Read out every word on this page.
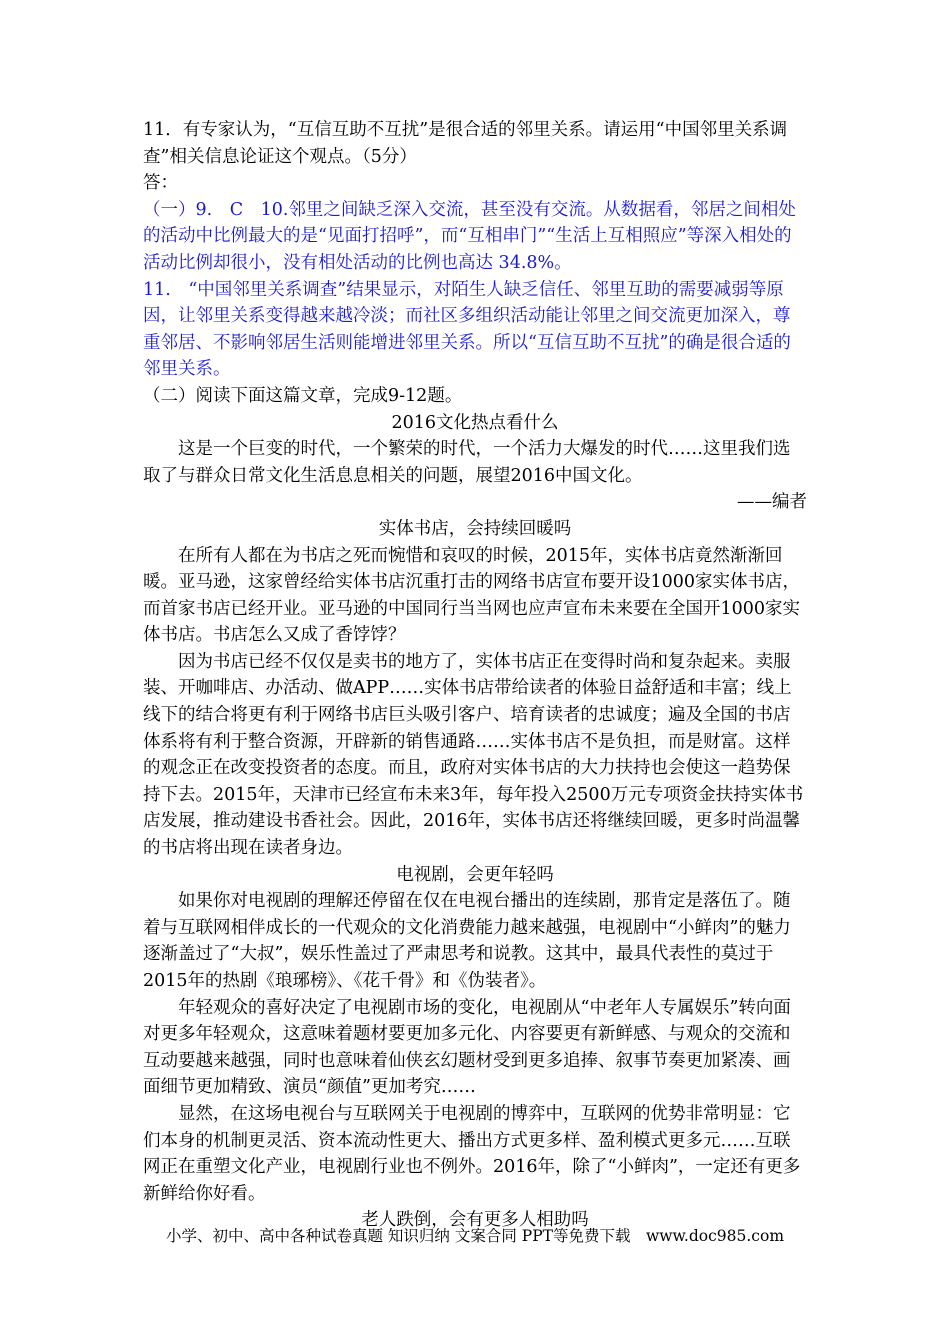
11．有专家认为，“互信互助不互扰”是很合适的邻里关系。请运用“中国邻里关系调查”相关信息论证这个观点。（5分）

答：

（一）9.　C　10.邻里之间缺乏深入交流，甚至没有交流。从数据看，邻居之间相处的活动中比例最大的是“见面打招呼”，而“互相串门”“生活上互相照应”等深入相处的活动比例却很小，没有相处活动的比例也高达 34.8%。

11.　“中国邻里关系调查”结果显示，对陌生人缺乏信任、邻里互助的需要减弱等原因，让邻里关系变得越来越冷淡；而社区多组织活动能让邻里之间交流更加深入，尊重邻居、不影响邻居生活则能增进邻里关系。所以“互信互助不互扰”的确是很合适的邻里关系。

（二）阅读下面这篇文章，完成9-12题。

2016文化热点看什么

这是一个巨变的时代，一个繁荣的时代，一个活力大爆发的时代……这里我们选取了与群众日常文化生活息息相关的问题，展望2016中国文化。

——编者

实体书店，会持续回暖吗

在所有人都在为书店之死而惋惜和哀叹的时候，2015年，实体书店竟然渐渐回暖。亚马逊，这家曾经给实体书店沉重打击的网络书店宣布要开设1000家实体书店，而首家书店已经开业。亚马逊的中国同行当当网也应声宣布未来要在全国开1000家实体书店。书店怎么又成了香饽饽？

因为书店已经不仅仅是卖书的地方了，实体书店正在变得时尚和复杂起来。卖服装、开咖啡店、办活动、做APP……实体书店带给读者的体验日益舒适和丰富；线上线下的结合将更有利于网络书店巨头吸引客户、培育读者的忠诚度；遍及全国的书店体系将有利于整合资源，开辟新的销售通路……实体书店不是负担，而是财富。这样的观念正在改变投资者的态度。而且，政府对实体书店的大力扶持也会使这一趋势保持下去。2015年，天津市已经宣布未来3年，每年投入2500万元专项资金扶持实体书店发展，推动建设书香社会。因此，2016年，实体书店还将继续回暖，更多时尚温馨的书店将出现在读者身边。

电视剧，会更年轻吗

如果你对电视剧的理解还停留在仅在电视台播出的连续剧，那肯定是落伍了。随着与互联网相伴成长的一代观众的文化消费能力越来越强，电视剧中“小鲜肉”的魅力逐渐盖过了“大叔”，娱乐性盖过了严肃思考和说教。这其中，最具代表性的莫过于2015年的热剧《琅琊榜》、《花千骨》和《伪装者》。

年轻观众的喜好决定了电视剧市场的变化，电视剧从“中老年人专属娱乐”转向面对更多年轻观众，这意味着题材要更加多元化、内容要更有新鲜感、与观众的交流和互动要越来越强，同时也意味着仙侠玄幻题材受到更多追捧、叙事节奏更加紧凑、画面细节更加精致、演员“颜值”更加考究……

显然，在这场电视台与互联网关于电视剧的博弈中，互联网的优势非常明显：它们本身的机制更灵活、资本流动性更大、播出方式更多样、盈利模式更多元……互联网正在重塑文化产业，电视剧行业也不例外。2016年，除了“小鲜肉”，一定还有更多新鲜给你好看。

老人跌倒，会有更多人相助吗

小学、初中、高中各种试卷真题 知识归纳 文案合同 PPT等免费下载　www.doc985.com
